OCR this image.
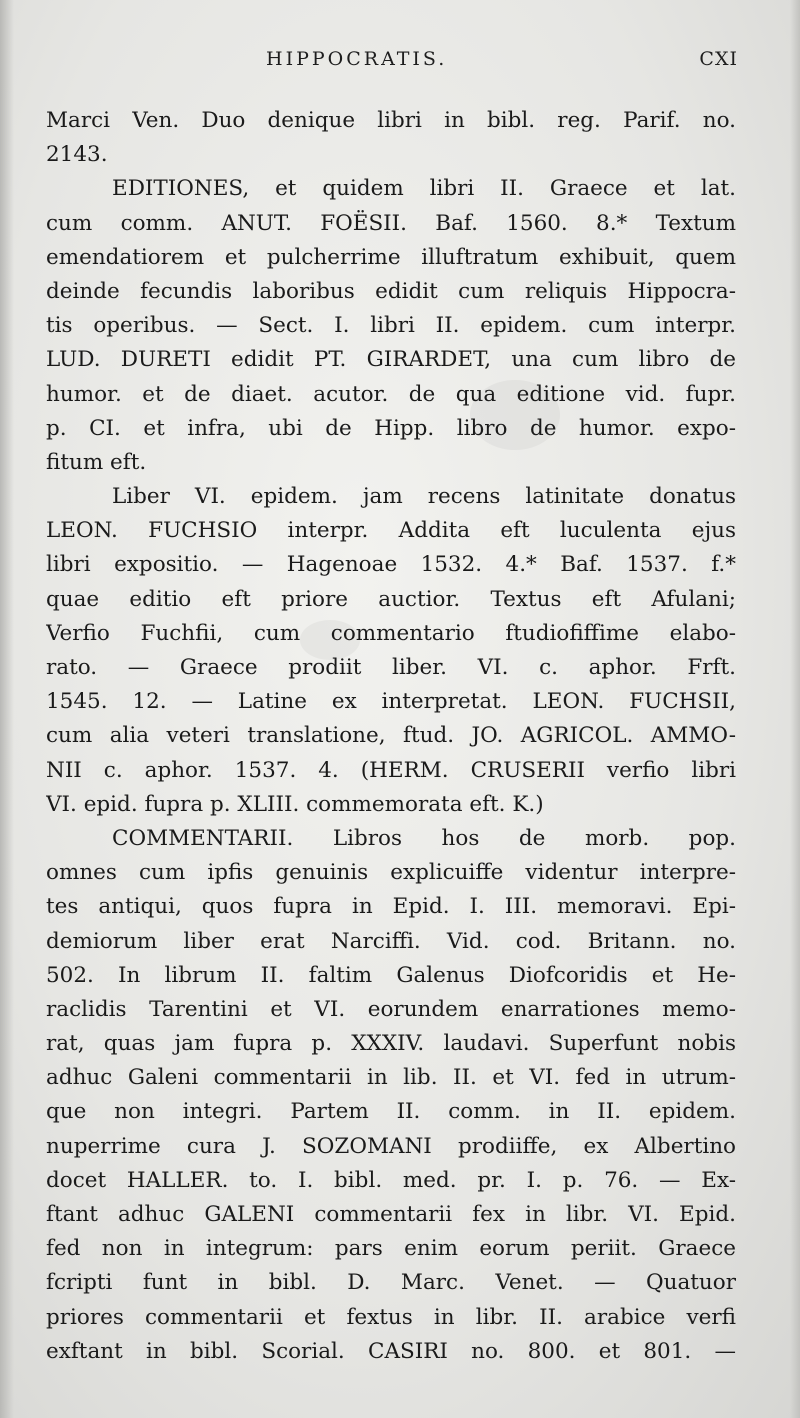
HIPPOCRATIS.	CXI
Marci Ven. Duo denique libri in bibl. reg. Parif. no.
2143.
EDITIONES, et quidem libri II. Graece et lat.
cum comm. ANUT. FOËSII. Baf. 1560. 8.* Textum
emendatiorem et pulcherrime illuftratum exhibuit, quem
deinde fecundis laboribus edidit cum reliquis Hippocra-
tis operibus. — Sect. I. libri II. epidem. cum interpr.
LUD. DURETI edidit PT. GIRARDET, una cum libro de
humor. et de diaet. acutor. de qua editione vid. fupr.
p. CI. et infra, ubi de Hipp. libro de humor. expo-
fitum eft.
Liber VI. epidem. jam recens latinitate donatus
LEON. FUCHSIO interpr. Addita eft luculenta ejus
libri expositio. — Hagenoae 1532. 4.* Baf. 1537. f.*
quae editio eft priore auctior. Textus eft Afulani;
Verfio Fuchfii, cum commentario ftudiofiffime elabo-
rato. — Graece prodiit liber. VI. c. aphor. Frft.
1545. 12. — Latine ex interpretat. LEON. FUCHSII,
cum alia veteri translatione, ftud. JO. AGRICOL. AMMO-
NII c. aphor. 1537. 4. (HERM. CRUSERII verfio libri
VI. epid. fupra p. XLIII. commemorata eft. K.)
COMMENTARII. Libros hos de morb. pop.
omnes cum ipfis genuinis explicuiffe videntur interpre-
tes antiqui, quos fupra in Epid. I. III. memoravi. Epi-
demiorum liber erat Narciffi. Vid. cod. Britann. no.
502. In librum II. faltim Galenus Diofcoridis et He-
raclidis Tarentini et VI. eorundem enarrationes memo-
rat, quas jam fupra p. XXXIV. laudavi. Superfunt nobis
adhuc Galeni commentarii in lib. II. et VI. fed in utrum-
que non integri. Partem II. comm. in II. epidem.
nuperrime cura J. SOZOMANI prodiiffe, ex Albertino
docet HALLER. to. I. bibl. med. pr. I. p. 76. — Ex-
ftant adhuc GALENI commentarii fex in libr. VI. Epid.
fed non in integrum: pars enim eorum periit. Graece
fcripti funt in bibl. D. Marc. Venet. — Quatuor
priores commentarii et fextus in libr. II. arabice verfi
exftant in bibl. Scorial. CASIRI no. 800. et 801. —
